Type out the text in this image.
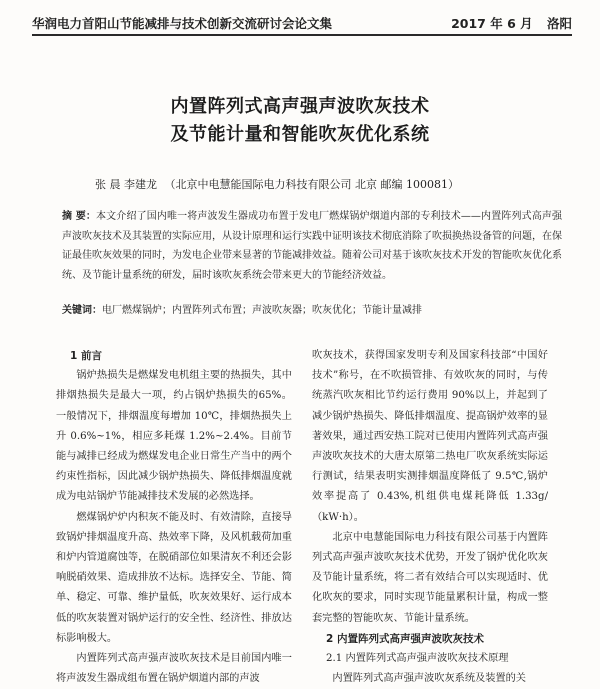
华润电力首阳山节能减排与技术创新交流研讨会论文集	2017 年 6 月 洛阳
内置阵列式高声强声波吹灰技术
及节能计量和智能吹灰优化系统
张 晨 李建龙 （北京中电慧能国际电力科技有限公司 北京 邮编 100081）
摘 要：本文介绍了国内唯一将声波发生器成功布置于发电厂燃煤锅炉烟道内部的专利技术——内置阵列式高声强声波吹灰技术及其装置的实际应用，从设计原理和运行实践中证明该技术彻底消除了吹损换热设备管的问题，在保证最佳吹灰效果的同时，为发电企业带来显著的节能减排效益。随着公司对基于该吹灰技术开发的智能吹灰优化系统、及节能计量系统的研发，届时该吹灰系统会带来更大的节能经济效益。
关键词：电厂燃煤锅炉；内置阵列式布置；声波吹灰器；吹灰优化；节能计量减排
1 前言

锅炉热损失是燃煤发电机组主要的热损失，其中排烟热损失是最大一项，约占锅炉热损失的65%。一般情况下，排烟温度每增加 10℃，排烟热损失上升 0.6%~1%，相应多耗煤 1.2%~2.4%。目前节能与减排已经成为燃煤发电企业日常生产当中的两个约束性指标，因此减少锅炉热损失、降低排烟温度就成为电站锅炉节能减排技术发展的必然选择。

燃煤锅炉炉内积灰不能及时、有效清除，直接导致锅炉排烟温度升高、热效率下降，及风机载荷加重和炉内管道腐蚀等，在脱硝部位如果清灰不利还会影响脱硝效果、造成排放不达标。选择安全、节能、简单、稳定、可靠、维护量低，吹灰效果好、运行成本低的吹灰装置对锅炉运行的安全性、经济性、排放达标影响极大。

内置阵列式高声强声波吹灰技术是目前国内唯一将声波发生器成组布置在锅炉烟道内部的声波

吹灰技术，获得国家发明专利及国家科技部“中国好技术”称号，在不吹损管排、有效吹灰的同时，与传统蒸汽吹灰相比节约运行费用 90%以上，并起到了减少锅炉热损失、降低排烟温度、提高锅炉效率的显著效果，通过西安热工院对已使用内置阵列式高声强声波吹灰技术的大唐太原第二热电厂吹灰系统实际运行测试，结果表明实测排烟温度降低了 9.5℃,锅炉效率提高了 0.43%,机组供电煤耗降低 1.33g/（kW·h）。

北京中电慧能国际电力科技有限公司基于内置阵列式高声强声波吹灰技术优势，开发了锅炉优化吹灰及节能计量系统，将二者有效结合可以实现适时、优化吹灰的要求，同时实现节能量累积计量，构成一整套完整的智能吹灰、节能计量系统。

2 内置阵列式高声强声波吹灰技术
2.1 内置阵列式高声强声波吹灰技术原理

内置阵列式高声强声波吹灰系统及装置的关
